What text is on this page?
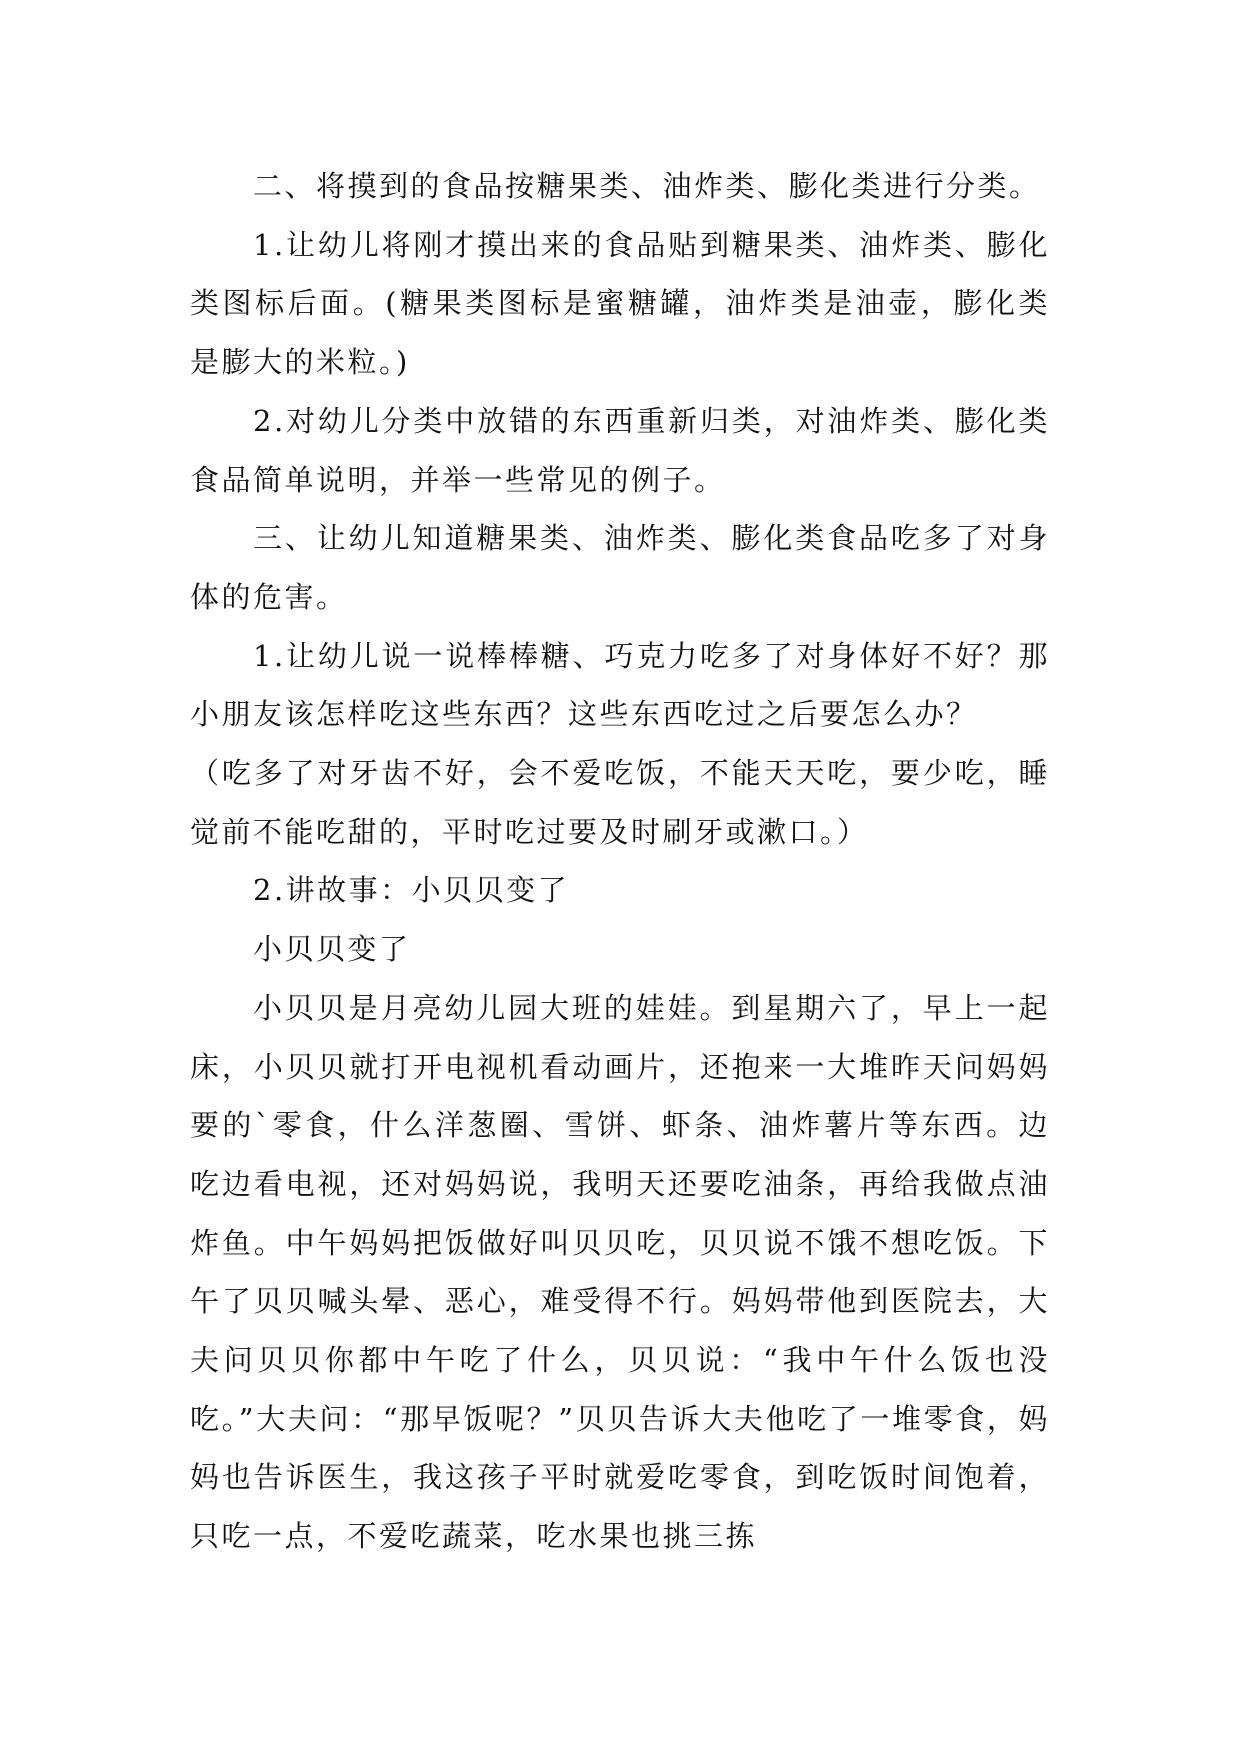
二、将摸到的食品按糖果类、油炸类、膨化类进行分类。

1.让幼儿将刚才摸出来的食品贴到糖果类、油炸类、膨化类图标后面。(糖果类图标是蜜糖罐，油炸类是油壶，膨化类是膨大的米粒。)

2.对幼儿分类中放错的东西重新归类，对油炸类、膨化类食品简单说明，并举一些常见的例子。

三、让幼儿知道糖果类、油炸类、膨化类食品吃多了对身体的危害。

1.让幼儿说一说棒棒糖、巧克力吃多了对身体好不好？那小朋友该怎样吃这些东西？这些东西吃过之后要怎么办？

（吃多了对牙齿不好，会不爱吃饭，不能天天吃，要少吃，睡觉前不能吃甜的，平时吃过要及时刷牙或漱口。）

2.讲故事：小贝贝变了

小贝贝变了

小贝贝是月亮幼儿园大班的娃娃。到星期六了，早上一起床，小贝贝就打开电视机看动画片，还抱来一大堆昨天问妈妈要的`零食，什么洋葱圈、雪饼、虾条、油炸薯片等东西。边吃边看电视，还对妈妈说，我明天还要吃油条，再给我做点油炸鱼。中午妈妈把饭做好叫贝贝吃，贝贝说不饿不想吃饭。下午了贝贝喊头晕、恶心，难受得不行。妈妈带他到医院去，大夫问贝贝你都中午吃了什么，贝贝说：“我中午什么饭也没吃。”大夫问：“那早饭呢？”贝贝告诉大夫他吃了一堆零食，妈妈也告诉医生，我这孩子平时就爱吃零食，到吃饭时间饱着，只吃一点，不爱吃蔬菜，吃水果也挑三拣
